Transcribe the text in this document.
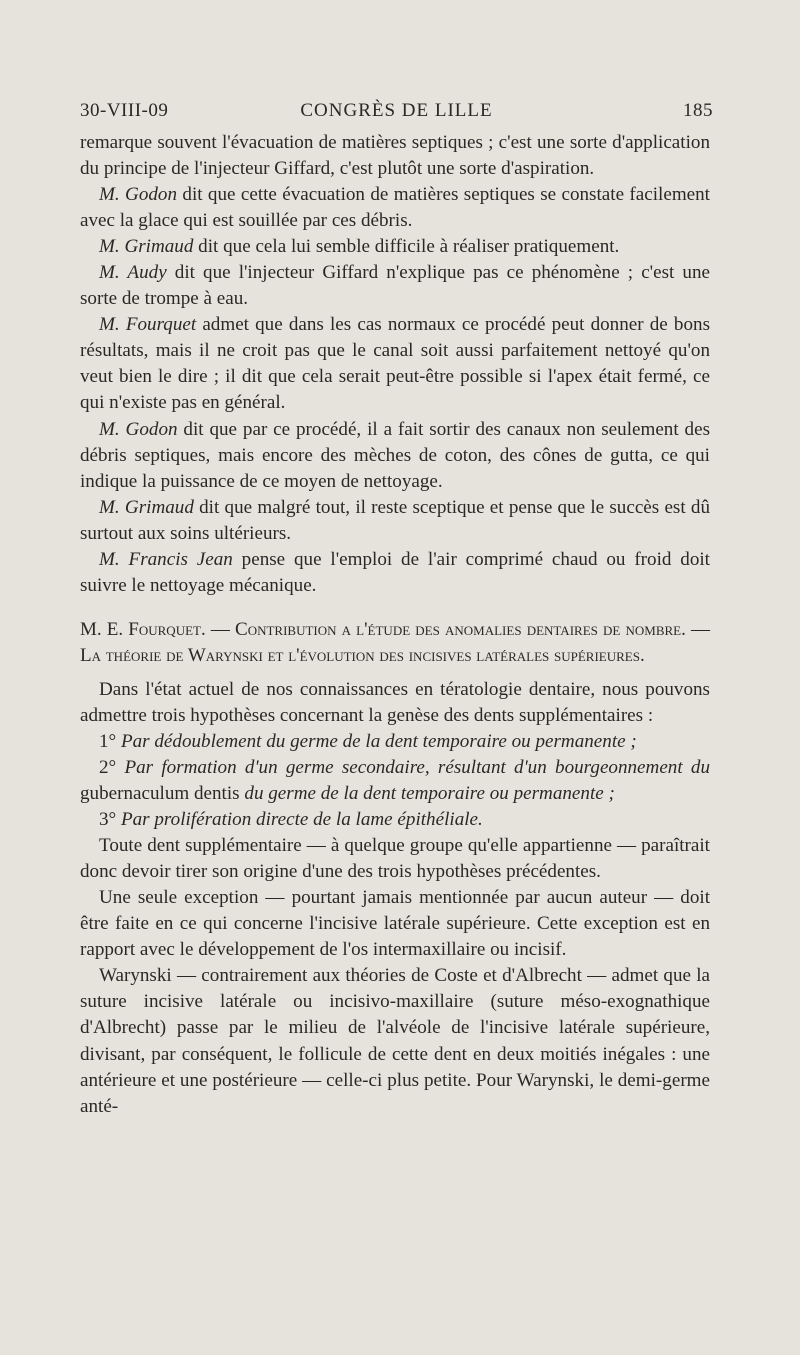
30-VIII-09	CONGRÈS DE LILLE	185

remarque souvent l'évacuation de matières septiques ; c'est une sorte d'application du principe de l'injecteur Giffard, c'est plutôt une sorte d'aspiration.

M. Godon dit que cette évacuation de matières septiques se constate facilement avec la glace qui est souillée par ces débris.

M. Grimaud dit que cela lui semble difficile à réaliser pratiquement.

M. Audy dit que l'injecteur Giffard n'explique pas ce phénomène ; c'est une sorte de trompe à eau.

M. Fourquet admet que dans les cas normaux ce procédé peut donner de bons résultats, mais il ne croit pas que le canal soit aussi parfaitement nettoyé qu'on veut bien le dire ; il dit que cela serait peut-être possible si l'apex était fermé, ce qui n'existe pas en général.

M. Godon dit que par ce procédé, il a fait sortir des canaux non seulement des débris septiques, mais encore des mèches de coton, des cônes de gutta, ce qui indique la puissance de ce moyen de nettoyage.

M. Grimaud dit que malgré tout, il reste sceptique et pense que le succès est dû surtout aux soins ultérieurs.

M. Francis Jean pense que l'emploi de l'air comprimé chaud ou froid doit suivre le nettoyage mécanique.

M. E. Fourquet. — Contribution a l'étude des anomalies dentaires de nombre. — La théorie de Warynski et l'évolution des incisives latérales supérieures.

Dans l'état actuel de nos connaissances en tératologie dentaire, nous pouvons admettre trois hypothèses concernant la genèse des dents supplémentaires :

1° Par dédoublement du germe de la dent temporaire ou permanente ;

2° Par formation d'un germe secondaire, résultant d'un bourgeonnement du gubernaculum dentis du germe de la dent temporaire ou permanente ;

3° Par prolifération directe de la lame épithéliale.

Toute dent supplémentaire — à quelque groupe qu'elle appartienne — paraîtrait donc devoir tirer son origine d'une des trois hypothèses précédentes.

Une seule exception — pourtant jamais mentionnée par aucun auteur — doit être faite en ce qui concerne l'incisive latérale supérieure. Cette exception est en rapport avec le développement de l'os intermaxillaire ou incisif.

Warynski — contrairement aux théories de Coste et d'Albrecht — admet que la suture incisive latérale ou incisivo-maxillaire (suture méso-exognathique d'Albrecht) passe par le milieu de l'alvéole de l'incisive latérale supérieure, divisant, par conséquent, le follicule de cette dent en deux moitiés inégales : une antérieure et une postérieure — celle-ci plus petite. Pour Warynski, le demi-germe anté-
